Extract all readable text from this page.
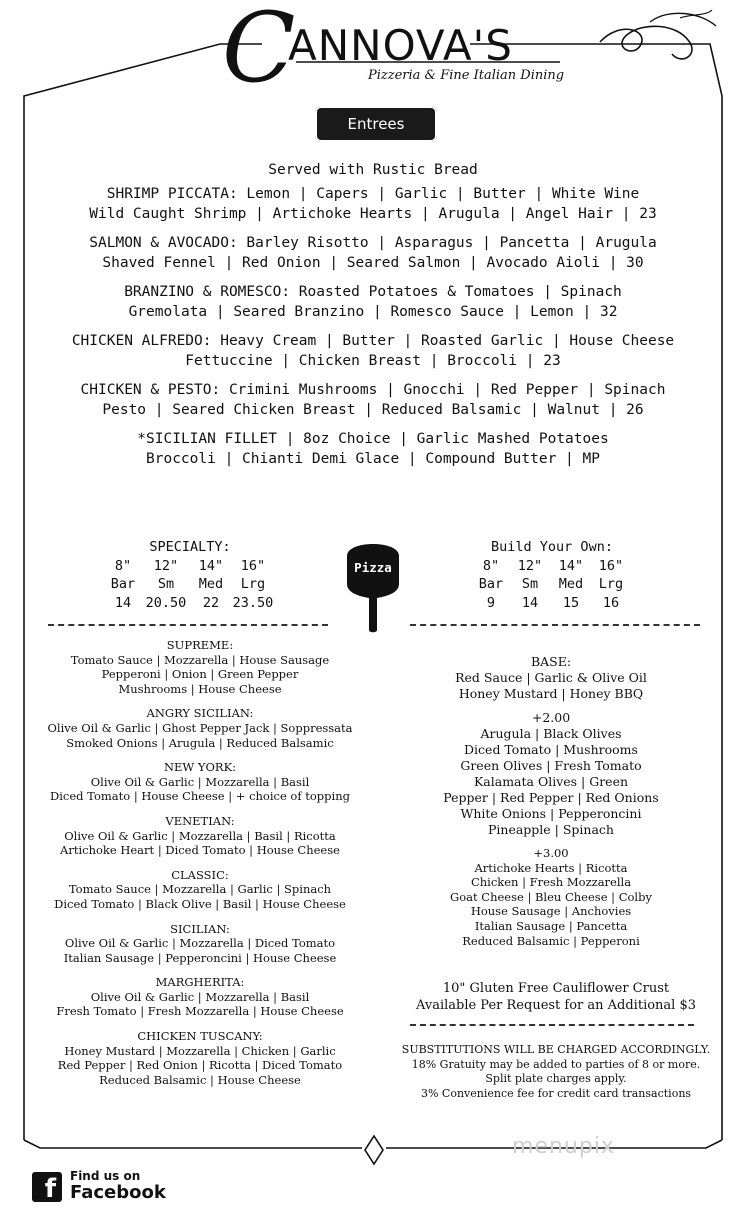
C
ANNOVA'S
Pizzeria & Fine Italian Dining
Entrees
Served with Rustic Bread
SHRIMP PICCATA: Lemon | Capers | Garlic | Butter | White Wine
Wild Caught Shrimp | Artichoke Hearts | Arugula | Angel Hair | 23
SALMON & AVOCADO: Barley Risotto | Asparagus | Pancetta | Arugula
Shaved Fennel | Red Onion | Seared Salmon | Avocado Aioli | 30
BRANZINO & ROMESCO: Roasted Potatoes & Tomatoes | Spinach
Gremolata | Seared Branzino | Romesco Sauce | Lemon | 32
CHICKEN ALFREDO: Heavy Cream | Butter | Roasted Garlic | House Cheese
Fettuccine | Chicken Breast | Broccoli | 23
CHICKEN & PESTO: Crimini Mushrooms | Gnocchi | Red Pepper | Spinach
Pesto | Seared Chicken Breast | Reduced Balsamic | Walnut | 26
*SICILIAN FILLET | 8oz Choice | Garlic Mashed Potatoes
Broccoli | Chianti Demi Glace | Compound Butter | MP
SPECIALTY:
8"	12"	14"	16"
Bar	Sm	Med	Lrg
14	20.50	22	23.50
Pizza
Build Your Own:
8"	12"	14"	16"
Bar	Sm	Med	Lrg
9	14	15	16
SUPREME:
Tomato Sauce | Mozzarella | House Sausage
Pepperoni | Onion | Green Pepper
Mushrooms | House Cheese
ANGRY SICILIAN:
Olive Oil & Garlic | Ghost Pepper Jack | Soppressata
Smoked Onions | Arugula | Reduced Balsamic
NEW YORK:
Olive Oil & Garlic | Mozzarella | Basil
Diced Tomato | House Cheese | + choice of topping
VENETIAN:
Olive Oil & Garlic | Mozzarella | Basil | Ricotta
Artichoke Heart | Diced Tomato | House Cheese
CLASSIC:
Tomato Sauce | Mozzarella | Garlic | Spinach
Diced Tomato | Black Olive | Basil | House Cheese
SICILIAN:
Olive Oil & Garlic | Mozzarella | Diced Tomato
Italian Sausage | Pepperoncini | House Cheese
MARGHERITA:
Olive Oil & Garlic | Mozzarella | Basil
Fresh Tomato | Fresh Mozzarella | House Cheese
CHICKEN TUSCANY:
Honey Mustard | Mozzarella | Chicken | Garlic
Red Pepper | Red Onion | Ricotta | Diced Tomato
Reduced Balsamic | House Cheese
BASE:
Red Sauce | Garlic & Olive Oil
Honey Mustard | Honey BBQ
+2.00
Arugula | Black Olives
Diced Tomato | Mushrooms
Green Olives | Fresh Tomato
Kalamata Olives | Green
Pepper | Red Pepper | Red Onions
White Onions | Pepperoncini
Pineapple | Spinach
+3.00
Artichoke Hearts | Ricotta
Chicken | Fresh Mozzarella
Goat Cheese | Bleu Cheese | Colby
House Sausage | Anchovies
Italian Sausage | Pancetta
Reduced Balsamic | Pepperoni
10" Gluten Free Cauliflower Crust
Available Per Request for an Additional $3
SUBSTITUTIONS WILL BE CHARGED ACCORDINGLY.
18% Gratuity may be added to parties of 8 or more.
Split plate charges apply.
3% Convenience fee for credit card transactions
menupix
f Find us on
Facebook
